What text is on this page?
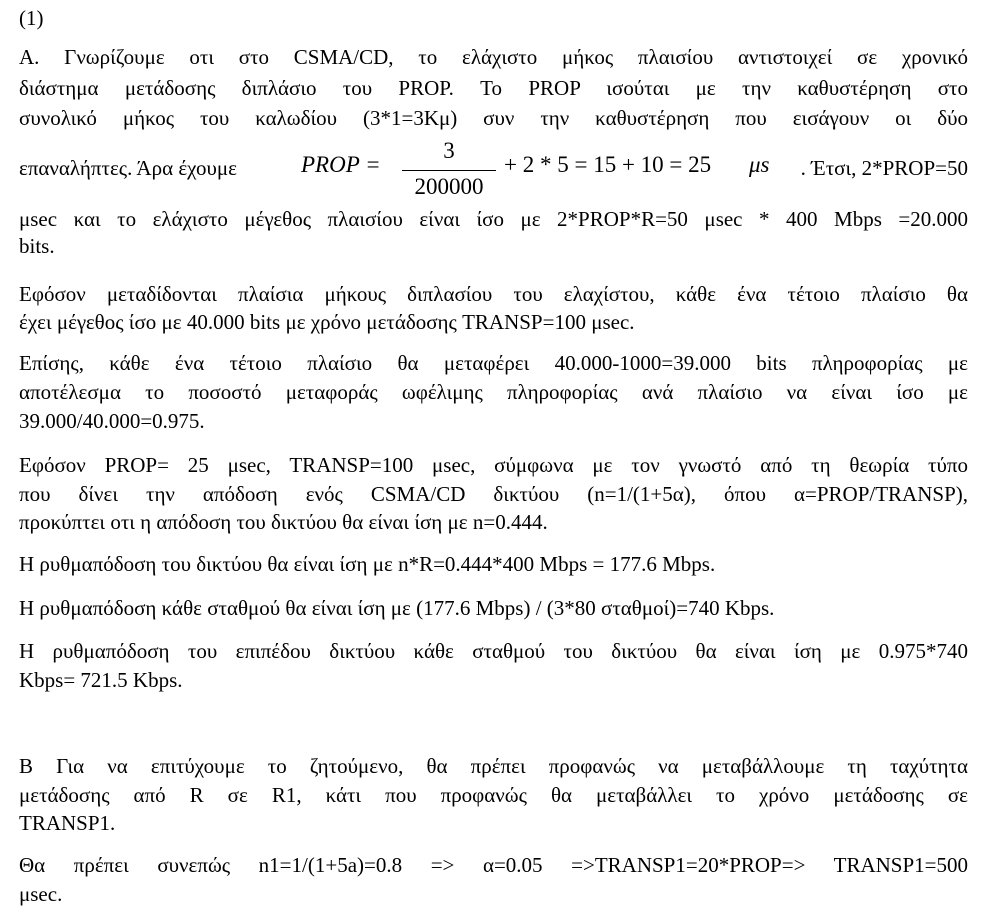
(1)
Α. Γνωρίζουμε οτι στο CSMA/CD, το ελάχιστο μήκος πλαισίου αντιστοιχεί σε χρονικό
διάστημα μετάδοσης διπλάσιο του PROP. Το PROP ισούται με την καθυστέρηση στο
συνολικό μήκος του καλωδίου (3*1=3Κμ) συν την καθυστέρηση που εισάγουν οι δύο
επαναλήπτες. Άρα έχουμε	PROP =
3
200000
+ 2 * 5 = 15 + 10 = 25 μs	. Έτσι, 2*PROP=50
μsec και το ελάχιστο μέγεθος πλαισίου είναι ίσο με 2*PROP*R=50 μsec * 400 Mbps =20.000
bits.
Εφόσον μεταδίδονται πλαίσια μήκους διπλασίου του ελαχίστου, κάθε ένα τέτοιο πλαίσιο θα
έχει μέγεθος ίσο με 40.000 bits με χρόνο μετάδοσης TRANSP=100 μsec.
Επίσης, κάθε ένα τέτοιο πλαίσιο θα μεταφέρει 40.000-1000=39.000 bits πληροφορίας με
αποτέλεσμα το ποσοστό μεταφοράς ωφέλιμης πληροφορίας ανά πλαίσιο να είναι ίσο με
39.000/40.000=0.975.
Εφόσον PROP= 25 μsec, TRANSP=100 μsec, σύμφωνα με τον γνωστό από τη θεωρία τύπο
που δίνει την απόδοση ενός CSMA/CD δικτύου (n=1/(1+5α), όπου α=PROP/TRANSP),
προκύπτει οτι η απόδοση του δικτύου θα είναι ίση με n=0.444.
Η ρυθμαπόδοση του δικτύου θα είναι ίση με n*R=0.444*400 Mbps = 177.6 Mbps.
Η ρυθμαπόδοση κάθε σταθμού θα είναι ίση με (177.6 Mbps) / (3*80 σταθμοί)=740 Kbps.
Η ρυθμαπόδοση του επιπέδου δικτύου κάθε σταθμού του δικτύου θα είναι ίση με 0.975*740
Kbps= 721.5 Kbps.
Β Για να επιτύχουμε το ζητούμενο, θα πρέπει προφανώς να μεταβάλλουμε τη ταχύτητα
μετάδοσης από R σε R1, κάτι που προφανώς θα μεταβάλλει το χρόνο μετάδοσης σε
TRANSP1.
Θα πρέπει συνεπώς n1=1/(1+5a)=0.8 => α=0.05 =>TRANSP1=20*PROP=> TRANSP1=500
μsec.
